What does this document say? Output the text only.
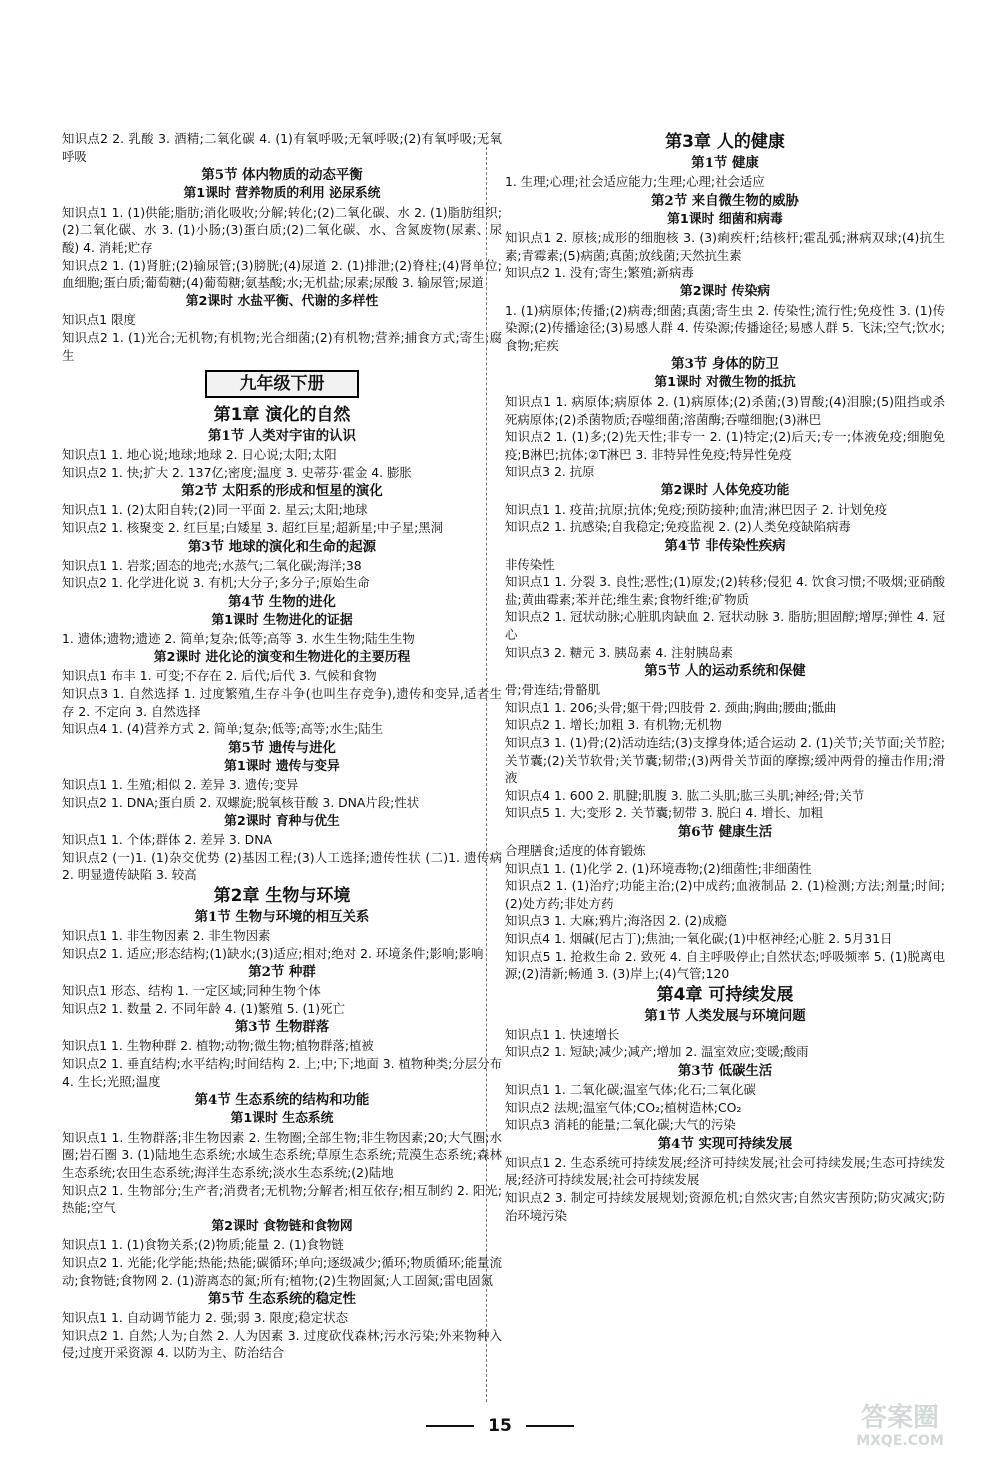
知识点2 2. 乳酸 3. 酒精;二氧化碳 4. (1)有氧呼吸;无氧呼吸;(2)有氧呼吸;无氧呼吸
第5节 体内物质的动态平衡
第1课时 营养物质的利用 泌尿系统
知识点1 1. (1)供能;脂肪;消化吸收;分解;转化;(2)二氧化碳、水 2. (1)脂肪组织;(2)二氧化碳、水 3. (1)小肠;(3)蛋白质;(2)二氧化碳、水、含氮废物(尿素、尿酸) 4. 消耗;贮存
知识点2 1. (1)肾脏;(2)输尿管;(3)膀胱;(4)尿道 2. (1)排泄;(2)脊柱;(4)肾单位;血细胞;蛋白质;葡萄糖;(4)葡萄糖;氨基酸;水;无机盐;尿素;尿酸 3. 输尿管;尿道
第2课时 水盐平衡、代谢的多样性
知识点1 限度
知识点2 1. (1)光合;无机物;有机物;光合细菌;(2)有机物;营养;捕食方式;寄生;腐生
九年级下册
第1章 演化的自然
第1节 人类对宇宙的认识
知识点1 1. 地心说;地球;地球 2. 日心说;太阳;太阳
知识点2 1. 快;扩大 2. 137亿;密度;温度 3. 史蒂芬·霍金 4. 膨胀
第2节 太阳系的形成和恒星的演化
知识点1 1. (2)太阳自转;(2)同一平面 2. 星云;太阳;地球
知识点2 1. 核聚变 2. 红巨星;白矮星 3. 超红巨星;超新星;中子星;黑洞
第3节 地球的演化和生命的起源
知识点1 1. 岩浆;固态的地壳;水蒸气;二氧化碳;海洋;38
知识点2 1. 化学进化说 3. 有机;大分子;多分子;原始生命
第4节 生物的进化
第1课时 生物进化的证据
1. 遗体;遗物;遗迹 2. 简单;复杂;低等;高等 3. 水生生物;陆生生物
第2课时 进化论的演变和生物进化的主要历程
知识点1 布丰 1. 可变;不存在 2. 后代;后代 3. 气候和食物
知识点3 1. 自然选择 1. 过度繁殖,生存斗争(也叫生存竞争),遗传和变异,适者生存 2. 不定向 3. 自然选择
知识点4 1. (4)营养方式 2. 简单;复杂;低等;高等;水生;陆生
第5节 遗传与进化
第1课时 遗传与变异
知识点1 1. 生殖;相似 2. 差异 3. 遗传;变异
知识点2 1. DNA;蛋白质 2. 双螺旋;脱氧核苷酸 3. DNA片段;性状
第2课时 育种与优生
知识点1 1. 个体;群体 2. 差异 3. DNA
知识点2 (一)1. (1)杂交优势 (2)基因工程;(3)人工选择;遗传性状 (二)1. 遗传病 2. 明显遗传缺陷 3. 较高
第2章 生物与环境
第1节 生物与环境的相互关系
知识点1 1. 非生物因素 2. 非生物因素
知识点2 1. 适应;形态结构;(1)缺水;(3)适应;相对;绝对 2. 环境条件;影响;影响
第2节 种群
知识点1 形态、结构 1. 一定区域;同种生物个体
知识点2 1. 数量 2. 不同年龄 4. (1)繁殖 5. (1)死亡
第3节 生物群落
知识点1 1. 生物种群 2. 植物;动物;微生物;植物群落;植被
知识点2 1. 垂直结构;水平结构;时间结构 2. 上;中;下;地面 3. 植物种类;分层分布 4. 生长;光照;温度
第4节 生态系统的结构和功能
第1课时 生态系统
知识点1 1. 生物群落;非生物因素 2. 生物圈;全部生物;非生物因素;20;大气圈;水圈;岩石圈 3. (1)陆地生态系统;水域生态系统;草原生态系统;荒漠生态系统;森林生态系统;农田生态系统;海洋生态系统;淡水生态系统;(2)陆地
知识点2 1. 生物部分;生产者;消费者;无机物;分解者;相互依存;相互制约 2. 阳光;热能;空气
第2课时 食物链和食物网
知识点1 1. (1)食物关系;(2)物质;能量 2. (1)食物链
知识点2 1. 光能;化学能;热能;热能;碳循环;单向;逐级减少;循环;物质循环;能量流动;食物链;食物网 2. (1)游离态的氮;所有;植物;(2)生物固氮;人工固氮;雷电固氮
第5节 生态系统的稳定性
知识点1 1. 自动调节能力 2. 强;弱 3. 限度;稳定状态
知识点2 1. 自然;人为;自然 2. 人为因素 3. 过度砍伐森林;污水污染;外来物种入侵;过度开采资源 4. 以防为主、防治结合
第3章 人的健康
第1节 健康
1. 生理;心理;社会适应能力;生理;心理;社会适应
第2节 来自微生物的威胁
第1课时 细菌和病毒
知识点1 2. 原核;成形的细胞核 3. (3)痢疾杆;结核杆;霍乱弧;淋病双球;(4)抗生素;青霉素;(5)病菌;真菌;放线菌;天然抗生素
知识点2 1. 没有;寄生;繁殖;新病毒
第2课时 传染病
1. (1)病原体;传播;(2)病毒;细菌;真菌;寄生虫 2. 传染性;流行性;免疫性 3. (1)传染源;(2)传播途径;(3)易感人群 4. 传染源;传播途径;易感人群 5. 飞沫;空气;饮水;食物;疟疾
第3节 身体的防卫
第1课时 对微生物的抵抗
知识点1 1. 病原体;病原体 2. (1)病原体;(2)杀菌;(3)胃酸;(4)泪腺;(5)阻挡或杀死病原体;(2)杀菌物质;吞噬细菌;溶菌酶;吞噬细胞;(3)淋巴
知识点2 1. (1)多;(2)先天性;非专一 2. (1)特定;(2)后天;专一;体液免疫;细胞免疫;B淋巴;抗体;②T淋巴 3. 非特异性免疫;特异性免疫
知识点3 2. 抗原
第2课时 人体免疫功能
知识点1 1. 疫苗;抗原;抗体;免疫;预防接种;血清;淋巴因子 2. 计划免疫
知识点2 1. 抗感染;自我稳定;免疫监视 2. (2)人类免疫缺陷病毒
第4节 非传染性疾病
非传染性
知识点1 1. 分裂 3. 良性;恶性;(1)原发;(2)转移;侵犯 4. 饮食习惯;不吸烟;亚硝酸盐;黄曲霉素;苯并芘;维生素;食物纤维;矿物质
知识点2 1. 冠状动脉;心脏肌肉缺血 2. 冠状动脉 3. 脂肪;胆固醇;增厚;弹性 4. 冠心
知识点3 2. 糖元 3. 胰岛素 4. 注射胰岛素
第5节 人的运动系统和保健
骨;骨连结;骨骼肌
知识点1 1. 206;头骨;躯干骨;四肢骨 2. 颈曲;胸曲;腰曲;骶曲
知识点2 1. 增长;加粗 3. 有机物;无机物
知识点3 1. (1)骨;(2)活动连结;(3)支撑身体;适合运动 2. (1)关节;关节面;关节腔;关节囊;(2)关节软骨;关节囊;韧带;(3)两骨关节面的摩擦;缓冲两骨的撞击作用;滑液
知识点4 1. 600 2. 肌腱;肌腹 3. 肱二头肌;肱三头肌;神经;骨;关节
知识点5 1. 大;变形 2. 关节囊;韧带 3. 脱臼 4. 增长、加粗
第6节 健康生活
合理膳食;适度的体育锻炼
知识点1 1. (1)化学 2. (1)环境毒物;(2)细菌性;非细菌性
知识点2 1. (1)治疗;功能主治;(2)中成药;血液制品 2. (1)检测;方法;剂量;时间;(2)处方药;非处方药
知识点3 1. 大麻;鸦片;海洛因 2. (2)成瘾
知识点4 1. 烟碱(尼古丁);焦油;一氧化碳;(1)中枢神经;心脏 2. 5月31日
知识点5 1. 抢救生命 2. 致死 4. 自主呼吸停止;自然状态;呼吸频率 5. (1)脱离电源;(2)清新;畅通 3. (3)岸上;(4)气管;120
第4章 可持续发展
第1节 人类发展与环境问题
知识点1 1. 快速增长
知识点2 1. 短缺;减少;减产;增加 2. 温室效应;变暖;酸雨
第3节 低碳生活
知识点1 1. 二氧化碳;温室气体;化石;二氧化碳
知识点2 法规;温室气体;CO₂;植树造林;CO₂
知识点3 消耗的能量;二氧化碳;大气的污染
第4节 实现可持续发展
知识点1 2. 生态系统可持续发展;经济可持续发展;社会可持续发展;生态可持续发展;经济可持续发展;社会可持续发展
知识点2 3. 制定可持续发展规划;资源危机;自然灾害;自然灾害预防;防灾减灾;防治环境污染
15	答案圈
MXQE.COM
